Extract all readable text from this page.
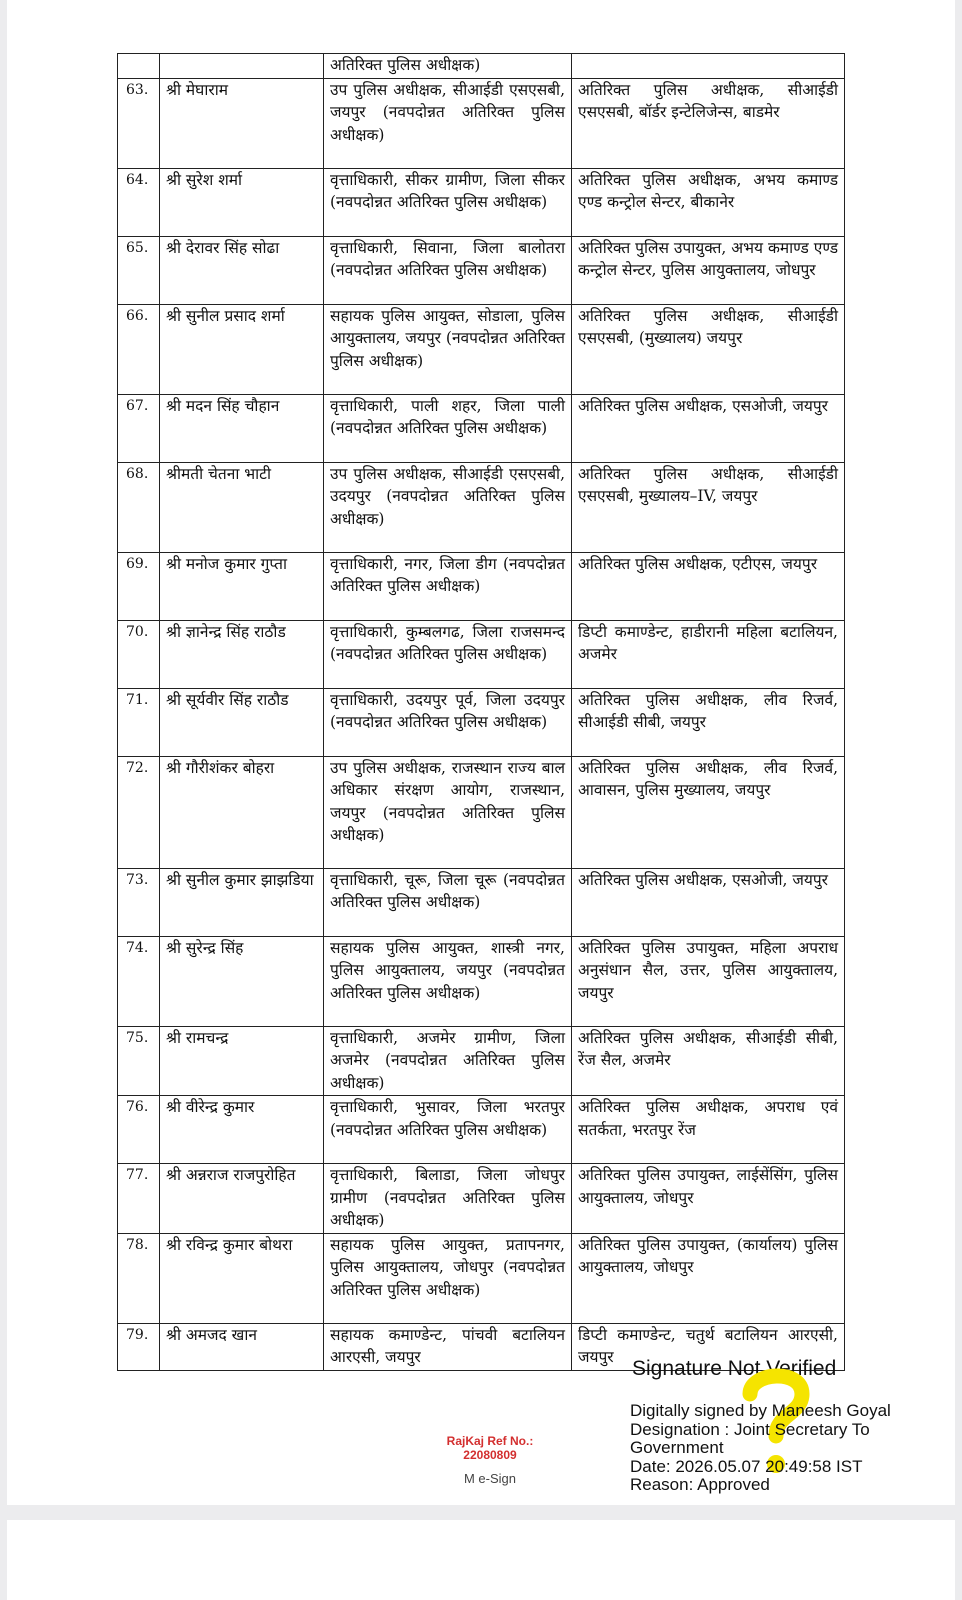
		अतिरिक्त पुलिस अधीक्षक)	
63.	श्री मेघाराम	उप पुलिस अधीक्षक, सीआईडी एसएसबी, जयपुर (नवपदोन्नत अतिरिक्त पुलिस अधीक्षक)	अतिरिक्त पुलिस अधीक्षक, सीआईडी एसएसबी, बॉर्डर इन्टेलिजेन्स, बाडमेर
64.	श्री सुरेश शर्मा	वृत्ताधिकारी, सीकर ग्रामीण, जिला सीकर (नवपदोन्नत अतिरिक्त पुलिस अधीक्षक)	अतिरिक्त पुलिस अधीक्षक, अभय कमाण्ड एण्ड कन्ट्रोल सेन्टर, बीकानेर
65.	श्री देरावर सिंह सोढा	वृत्ताधिकारी, सिवाना, जिला बालोतरा (नवपदोन्नत अतिरिक्त पुलिस अधीक्षक)	अतिरिक्त पुलिस उपायुक्त, अभय कमाण्ड एण्ड कन्ट्रोल सेन्टर, पुलिस आयुक्तालय, जोधपुर
66.	श्री सुनील प्रसाद शर्मा	सहायक पुलिस आयुक्त, सोडाला, पुलिस आयुक्तालय, जयपुर (नवपदोन्नत अतिरिक्त पुलिस अधीक्षक)	अतिरिक्त पुलिस अधीक्षक, सीआईडी एसएसबी, (मुख्यालय) जयपुर
67.	श्री मदन सिंह चौहान	वृत्ताधिकारी, पाली शहर, जिला पाली (नवपदोन्नत अतिरिक्त पुलिस अधीक्षक)	अतिरिक्त पुलिस अधीक्षक, एसओजी, जयपुर
68.	श्रीमती चेतना भाटी	उप पुलिस अधीक्षक, सीआईडी एसएसबी, उदयपुर (नवपदोन्नत अतिरिक्त पुलिस अधीक्षक)	अतिरिक्त पुलिस अधीक्षक, सीआईडी एसएसबी, मुख्यालय–IV, जयपुर
69.	श्री मनोज कुमार गुप्ता	वृत्ताधिकारी, नगर, जिला डीग (नवपदोन्नत अतिरिक्त पुलिस अधीक्षक)	अतिरिक्त पुलिस अधीक्षक, एटीएस, जयपुर
70.	श्री ज्ञानेन्द्र सिंह राठौड	वृत्ताधिकारी, कुम्बलगढ, जिला राजसमन्द (नवपदोन्नत अतिरिक्त पुलिस अधीक्षक)	डिप्टी कमाण्डेन्ट, हाडीरानी महिला बटालियन, अजमेर
71.	श्री सूर्यवीर सिंह राठौड	वृत्ताधिकारी, उदयपुर पूर्व, जिला उदयपुर (नवपदोन्नत अतिरिक्त पुलिस अधीक्षक)	अतिरिक्त पुलिस अधीक्षक, लीव रिजर्व, सीआईडी सीबी, जयपुर
72.	श्री गौरीशंकर बोहरा	उप पुलिस अधीक्षक, राजस्थान राज्य बाल अधिकार संरक्षण आयोग, राजस्थान, जयपुर (नवपदोन्नत अतिरिक्त पुलिस अधीक्षक)	अतिरिक्त पुलिस अधीक्षक, लीव रिजर्व, आवासन, पुलिस मुख्यालय, जयपुर
73.	श्री सुनील कुमार झाझडिया	वृत्ताधिकारी, चूरू, जिला चूरू (नवपदोन्नत अतिरिक्त पुलिस अधीक्षक)	अतिरिक्त पुलिस अधीक्षक, एसओजी, जयपुर
74.	श्री सुरेन्द्र सिंह	सहायक पुलिस आयुक्त, शास्त्री नगर, पुलिस आयुक्तालय, जयपुर (नवपदोन्नत अतिरिक्त पुलिस अधीक्षक)	अतिरिक्त पुलिस उपायुक्त, महिला अपराध अनुसंधान सैल, उत्तर, पुलिस आयुक्तालय, जयपुर
75.	श्री रामचन्द्र	वृत्ताधिकारी, अजमेर ग्रामीण, जिला अजमेर (नवपदोन्नत अतिरिक्त पुलिस अधीक्षक)	अतिरिक्त पुलिस अधीक्षक, सीआईडी सीबी, रेंज सैल, अजमेर
76.	श्री वीरेन्द्र कुमार	वृत्ताधिकारी, भुसावर, जिला भरतपुर (नवपदोन्नत अतिरिक्त पुलिस अधीक्षक)	अतिरिक्त पुलिस अधीक्षक, अपराध एवं सतर्कता, भरतपुर रेंज
77.	श्री अन्नराज राजपुरोहित	वृत्ताधिकारी, बिलाडा, जिला जोधपुर ग्रामीण (नवपदोन्नत अतिरिक्त पुलिस अधीक्षक)	अतिरिक्त पुलिस उपायुक्त, लाईसेंसिंग, पुलिस आयुक्तालय, जोधपुर
78.	श्री रविन्द्र कुमार बोथरा	सहायक पुलिस आयुक्त, प्रतापनगर, पुलिस आयुक्तालय, जोधपुर (नवपदोन्नत अतिरिक्त पुलिस अधीक्षक)	अतिरिक्त पुलिस उपायुक्त, (कार्यालय) पुलिस आयुक्तालय, जोधपुर
79.	श्री अमजद खान	सहायक कमाण्डेन्ट, पांचवी बटालियन आरएसी, जयपुर	डिप्टी कमाण्डेन्ट, चतुर्थ बटालियन आरएसी, जयपुर Signature Not Verified
Digitally signed by Maneesh Goyal
Designation : Joint Secretary To
Government
Date: 2026.05.07 20:49:58 IST
Reason: Approved
RajKaj Ref No.:
22080809
M e-Sign
